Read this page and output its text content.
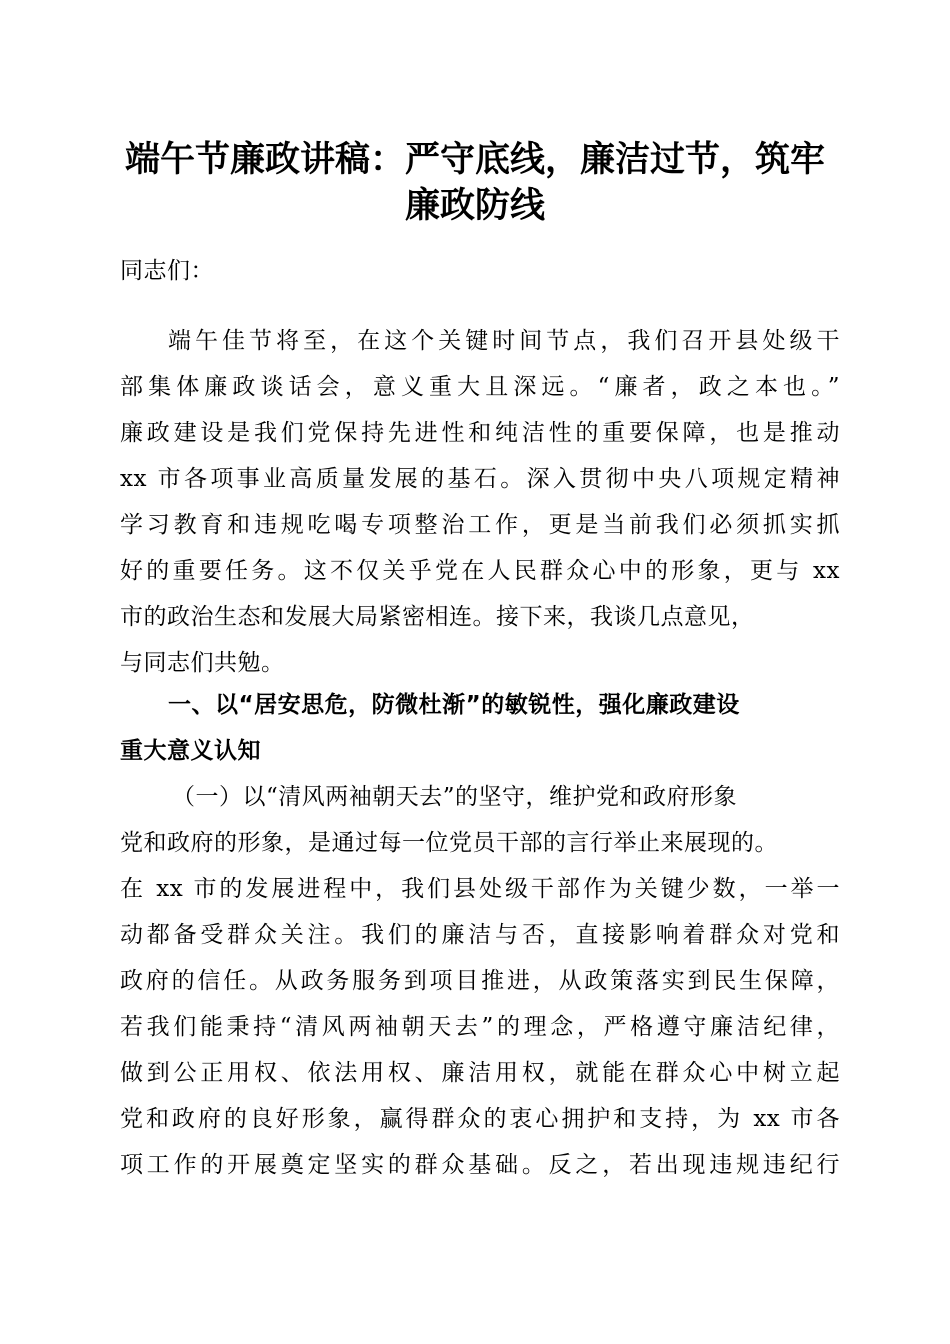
端午节廉政讲稿：严守底线，廉洁过节，筑牢
廉政防线

同志们：

端午佳节将至，在这个关键时间节点，我们召开县处级干

部集体廉政谈话会，意义重大且深远。“廉者，政之本也。”

廉政建设是我们党保持先进性和纯洁性的重要保障，也是推动

xx 市各项事业高质量发展的基石。深入贯彻中央八项规定精神

学习教育和违规吃喝专项整治工作，更是当前我们必须抓实抓

好的重要任务。这不仅关乎党在人民群众心中的形象，更与 xx

市的政治生态和发展大局紧密相连。接下来，我谈几点意见，

与同志们共勉。

一、以“居安思危，防微杜渐”的敏锐性，强化廉政建设

重大意义认知

（一）以“清风两袖朝天去”的坚守，维护党和政府形象

党和政府的形象，是通过每一位党员干部的言行举止来展现的。

在 xx 市的发展进程中，我们县处级干部作为关键少数，一举一

动都备受群众关注。我们的廉洁与否，直接影响着群众对党和

政府的信任。从政务服务到项目推进，从政策落实到民生保障，

若我们能秉持“清风两袖朝天去”的理念，严格遵守廉洁纪律，

做到公正用权、依法用权、廉洁用权，就能在群众心中树立起

党和政府的良好形象，赢得群众的衷心拥护和支持，为 xx 市各

项工作的开展奠定坚实的群众基础。反之，若出现违规违纪行
